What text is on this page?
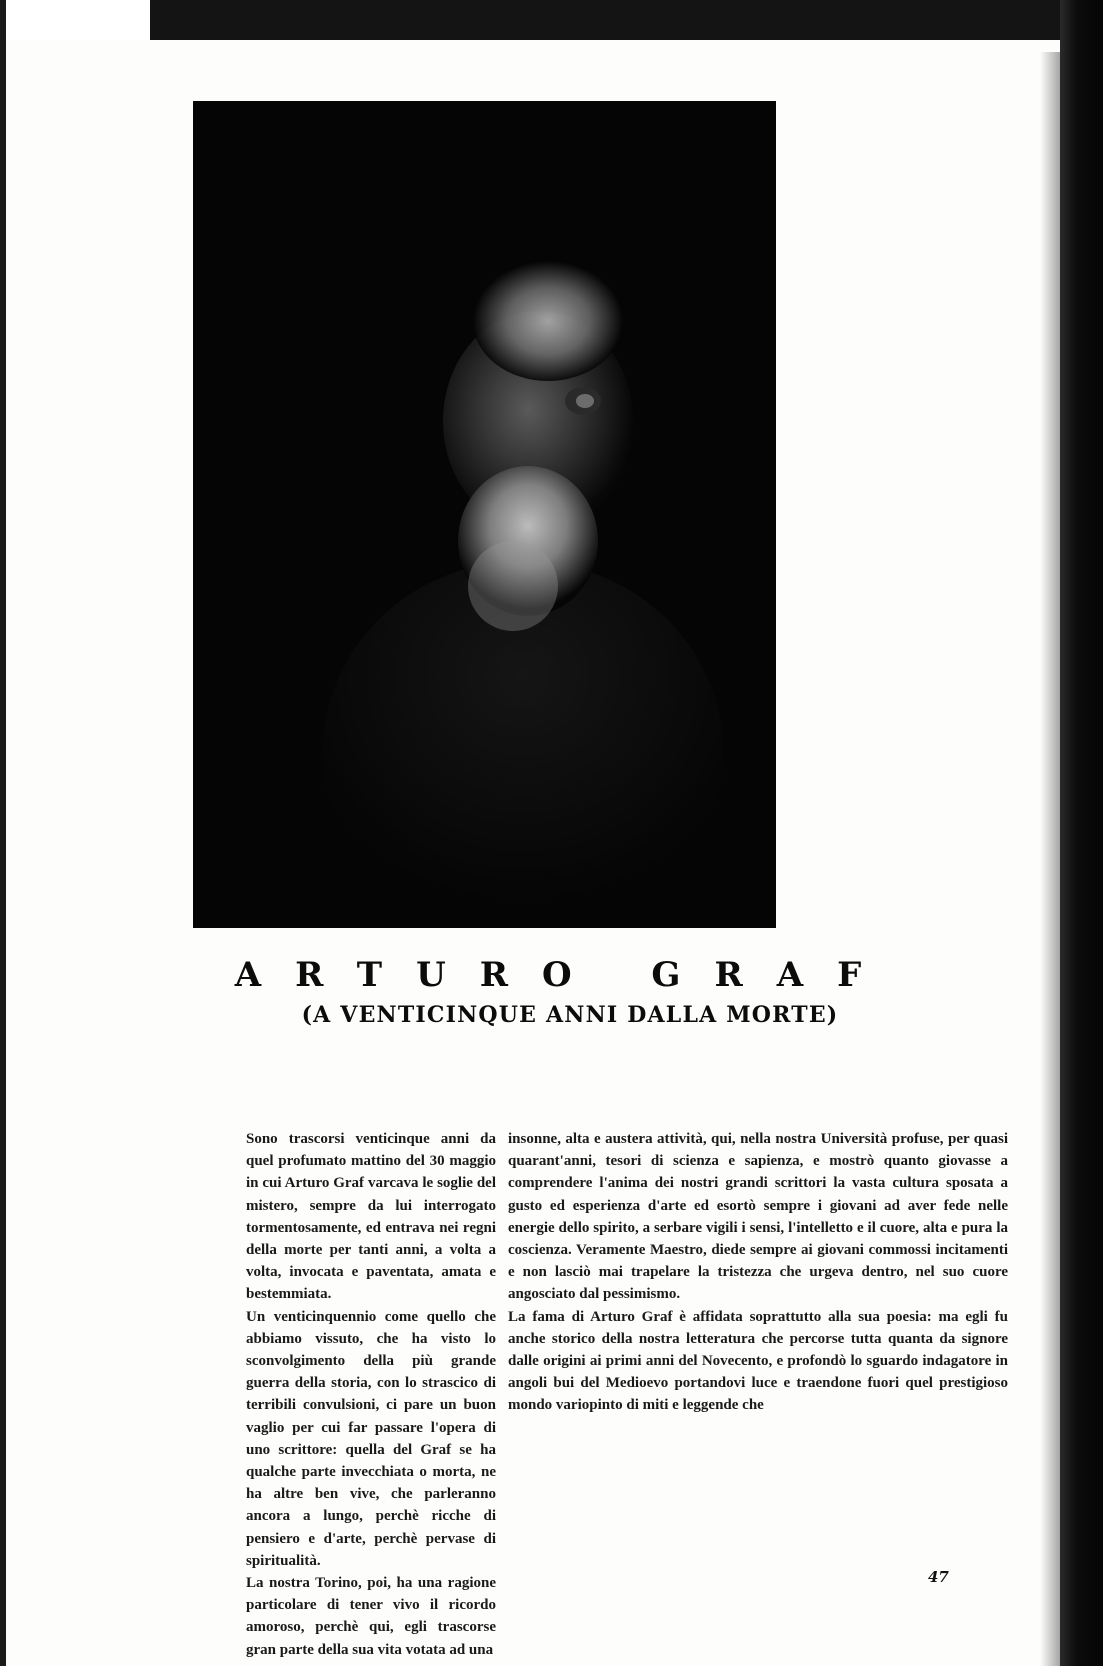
ARTURO GRAF
(A VENTICINQUE ANNI DALLA MORTE)

Sono trascorsi venticinque anni da quel profumato mattino del 30 maggio in cui Arturo Graf varcava le soglie del mistero, sempre da lui interrogato tormentosamente, ed entrava nei regni della morte per tanti anni, a volta a volta, invocata e paventata, amata e bestemmiata.

Un venticinquennio come quello che abbiamo vissuto, che ha visto lo sconvolgimento della più grande guerra della storia, con lo strascico di terribili convulsioni, ci pare un buon vaglio per cui far passare l'opera di uno scrittore: quella del Graf se ha qualche parte invecchiata o morta, ne ha altre ben vive, che parleranno ancora a lungo, perchè ricche di pensiero e d'arte, perchè pervase di spiritualità.

La nostra Torino, poi, ha una ragione particolare di tener vivo il ricordo amoroso, perchè qui, egli trascorse gran parte della sua vita votata ad una

insonne, alta e austera attività, qui, nella nostra Università profuse, per quasi quarant'anni, tesori di scienza e sapienza, e mostrò quanto giovasse a comprendere l'anima dei nostri grandi scrittori la vasta cultura sposata a gusto ed esperienza d'arte ed esortò sempre i giovani ad aver fede nelle energie dello spirito, a serbare vigili i sensi, l'intelletto e il cuore, alta e pura la coscienza. Veramente Maestro, diede sempre ai giovani commossi incitamenti e non lasciò mai trapelare la tristezza che urgeva dentro, nel suo cuore angosciato dal pessimismo.

La fama di Arturo Graf è affidata soprattutto alla sua poesia: ma egli fu anche storico della nostra letteratura che percorse tutta quanta da signore dalle origini ai primi anni del Novecento, e profondò lo sguardo indagatore in angoli bui del Medioevo portandovi luce e traendone fuori quel prestigioso mondo variopinto di miti e leggende che

47
